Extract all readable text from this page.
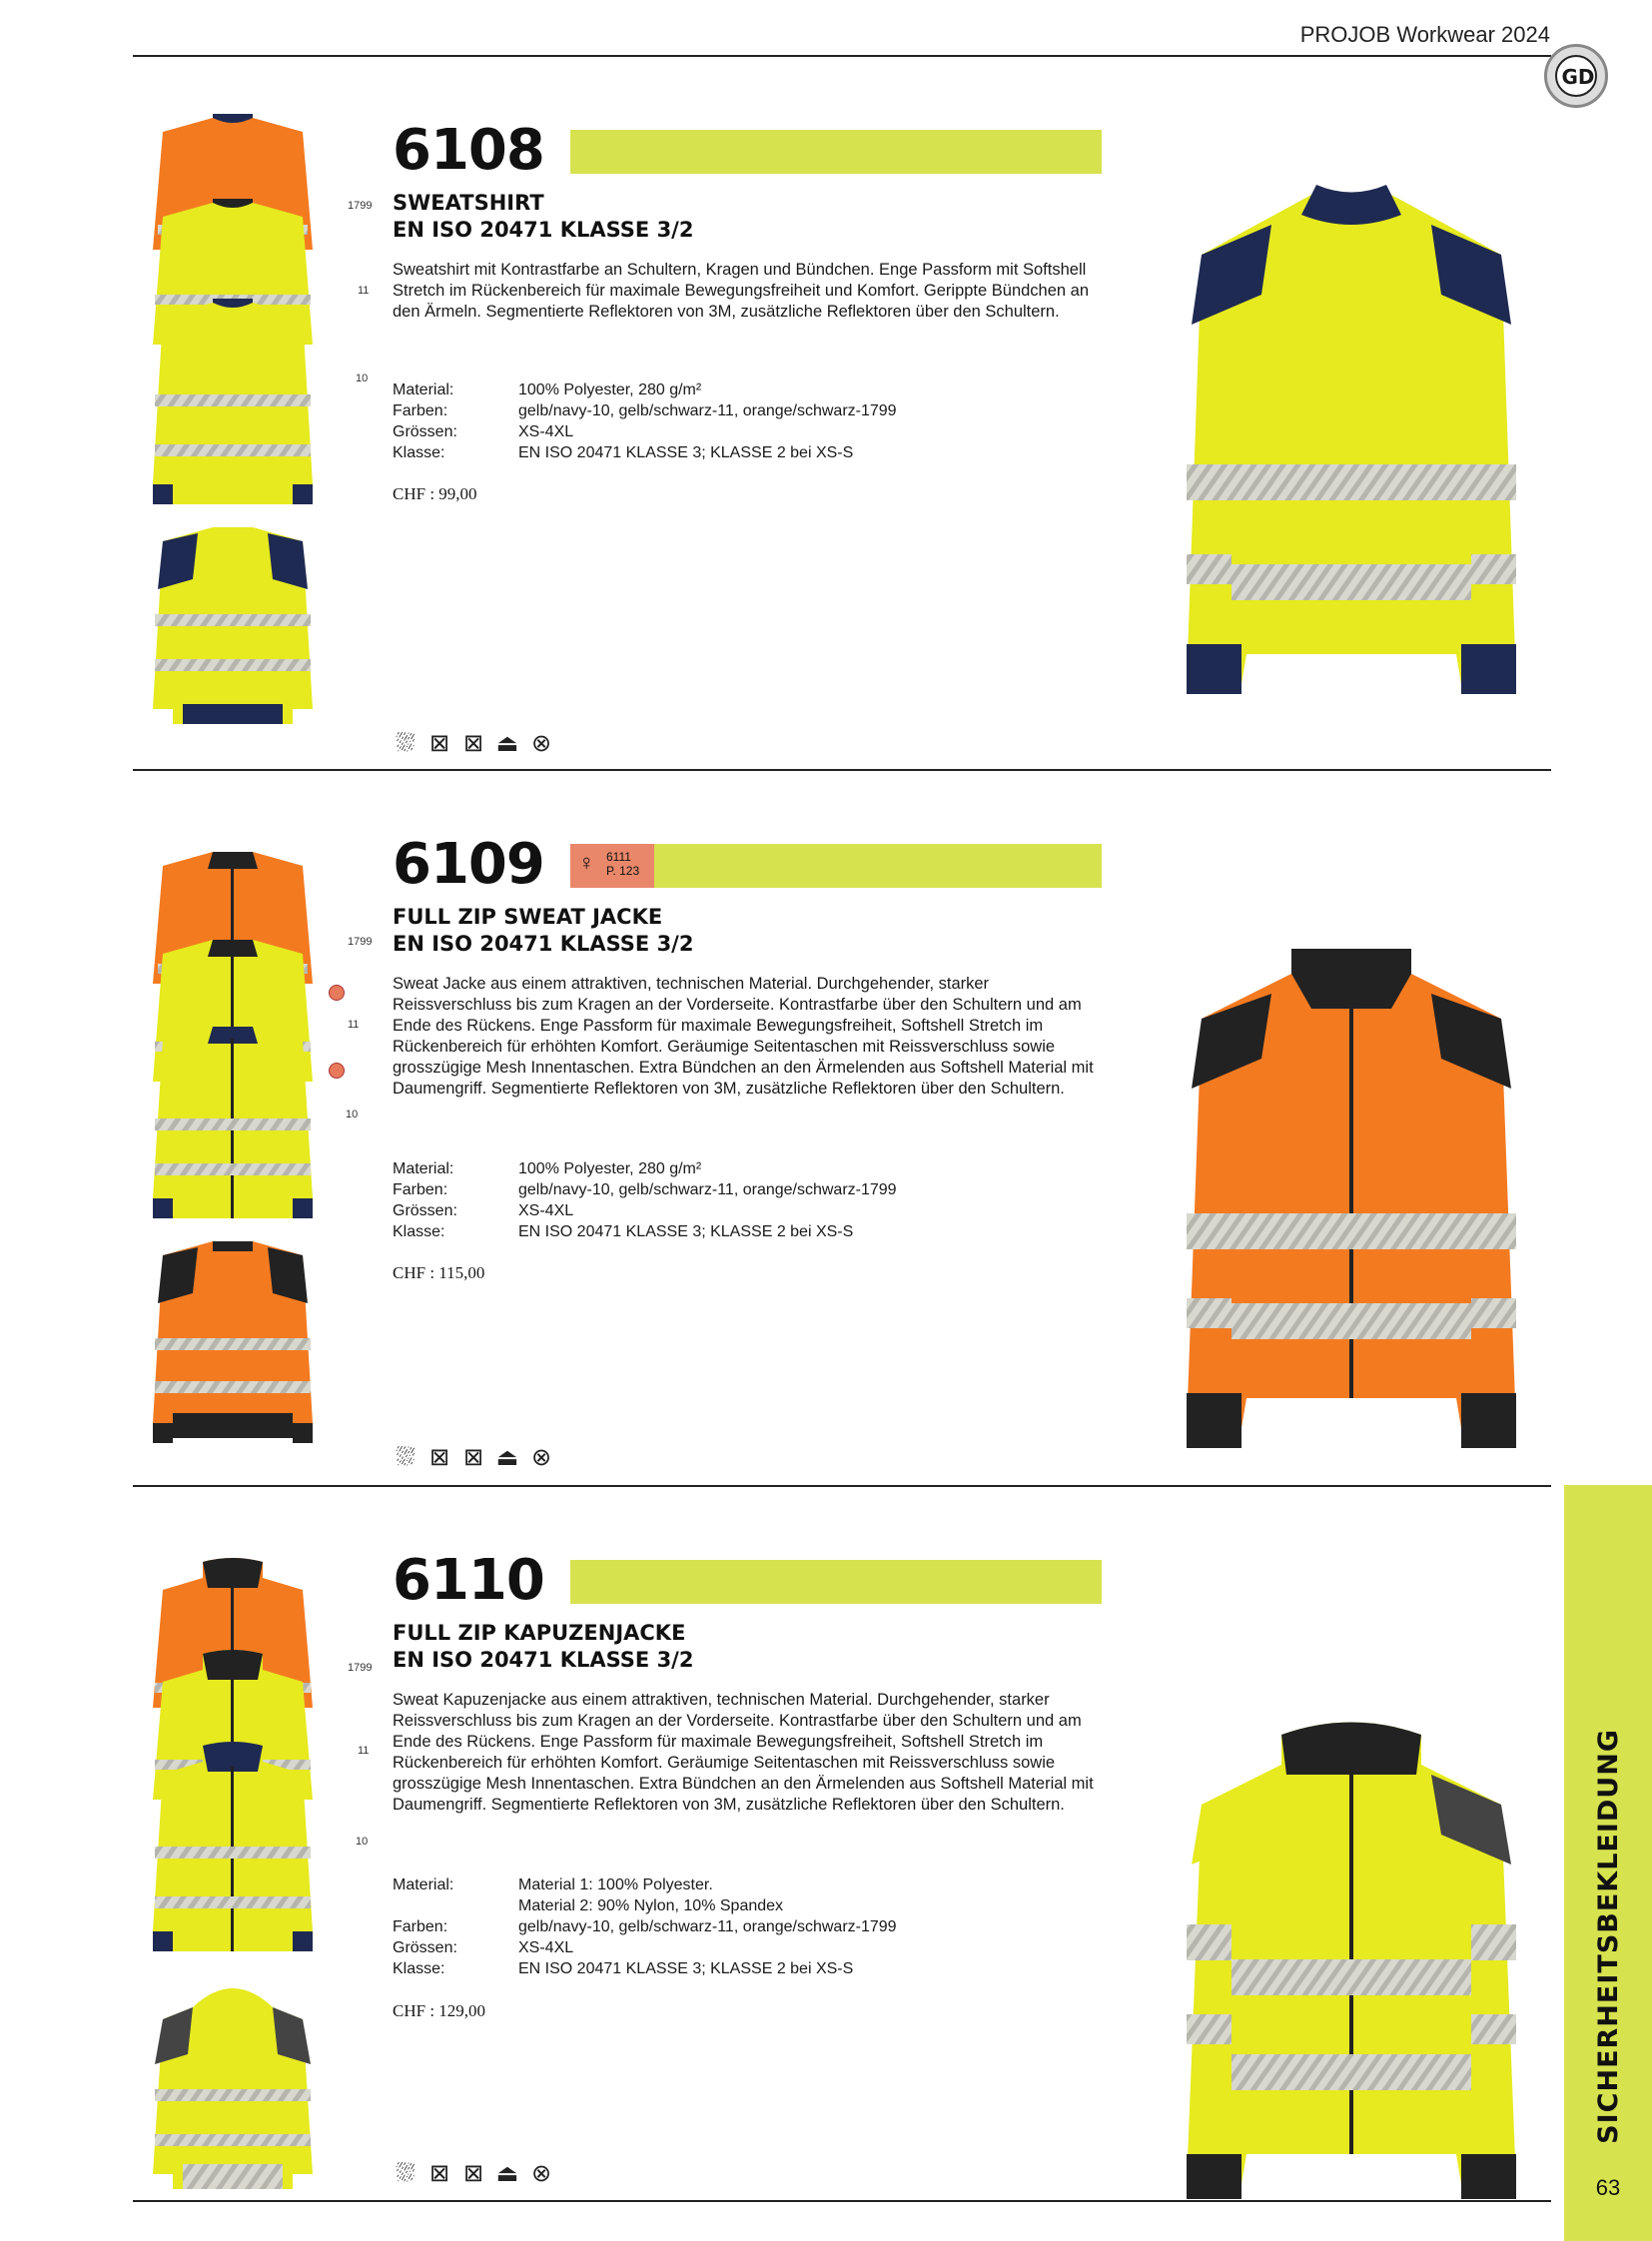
PROJOB Workwear 2024
GD
1799
11
10
6108
SWEATSHIRT
EN ISO 20471 KLASSE 3/2
Sweatshirt mit Kontrastfarbe an Schultern, Kragen und Bündchen. Enge Passform mit Softshell Stretch im Rückenbereich für maximale Bewegungsfreiheit und Komfort. Gerippte Bündchen an den Ärmeln. Segmentierte Reflektoren von 3M, zusätzliche Reflektoren über den Schultern.
Material:	100% Polyester, 280 g/m²
Farben:	gelb/navy-10, gelb/schwarz-11, orange/schwarz-1799
Grössen:	XS-4XL
Klasse:	EN ISO 20471 KLASSE 3; KLASSE 2 bei XS-S
CHF : 99,00
⛆ ⊠ ⊠ ⏏ ⊗
1799
11
10
6109 ♀ 6111
P. 123
FULL ZIP SWEAT JACKE
EN ISO 20471 KLASSE 3/2
Sweat Jacke aus einem attraktiven, technischen Material. Durchgehender, starker Reissverschluss bis zum Kragen an der Vorderseite. Kontrastfarbe über den Schultern und am Ende des Rückens. Enge Passform für maximale Bewegungsfreiheit, Softshell Stretch im Rückenbereich für erhöhten Komfort. Geräumige Seitentaschen mit Reissverschluss sowie grosszügige Mesh Innentaschen. Extra Bündchen an den Ärmelenden aus Softshell Material mit Daumengriff. Segmentierte Reflektoren von 3M, zusätzliche Reflektoren über den Schultern.
Material:	100% Polyester, 280 g/m²
Farben:	gelb/navy-10, gelb/schwarz-11, orange/schwarz-1799
Grössen:	XS-4XL
Klasse:	EN ISO 20471 KLASSE 3; KLASSE 2 bei XS-S
CHF : 115,00
⛆ ⊠ ⊠ ⏏ ⊗
1799
11
10
6110
FULL ZIP KAPUZENJACKE
EN ISO 20471 KLASSE 3/2
Sweat Kapuzenjacke aus einem attraktiven, technischen Material. Durchgehender, starker Reissverschluss bis zum Kragen an der Vorderseite. Kontrastfarbe über den Schultern und am Ende des Rückens. Enge Passform für maximale Bewegungsfreiheit, Softshell Stretch im Rückenbereich für erhöhten Komfort. Geräumige Seitentaschen mit Reissverschluss sowie grosszügige Mesh Innentaschen. Extra Bündchen an den Ärmelenden aus Softshell Material mit Daumengriff. Segmentierte Reflektoren von 3M, zusätzliche Reflektoren über den Schultern.
Material:	Material 1: 100% Polyester.
Material 2: 90% Nylon, 10% Spandex
Farben:	gelb/navy-10, gelb/schwarz-11, orange/schwarz-1799
Grössen:	XS-4XL
Klasse:	EN ISO 20471 KLASSE 3; KLASSE 2 bei XS-S
CHF : 129,00
⛆ ⊠ ⊠ ⏏ ⊗
SICHERHEITSBEKLEIDUNG
63
